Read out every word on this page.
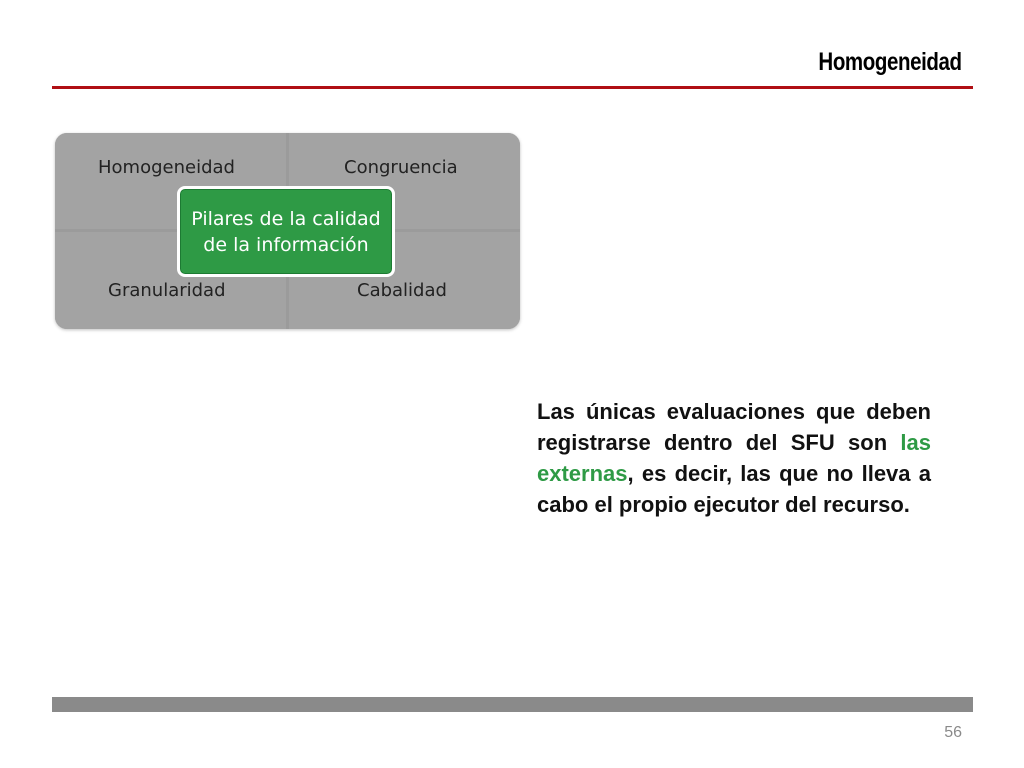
Homogeneidad
Homogeneidad	Congruencia
Granularidad	Cabalidad
Pilares de la calidad
de la información
Las únicas evaluaciones que deben registrarse dentro del SFU son las externas, es decir, las que no lleva a cabo el propio ejecutor del recurso.
56
